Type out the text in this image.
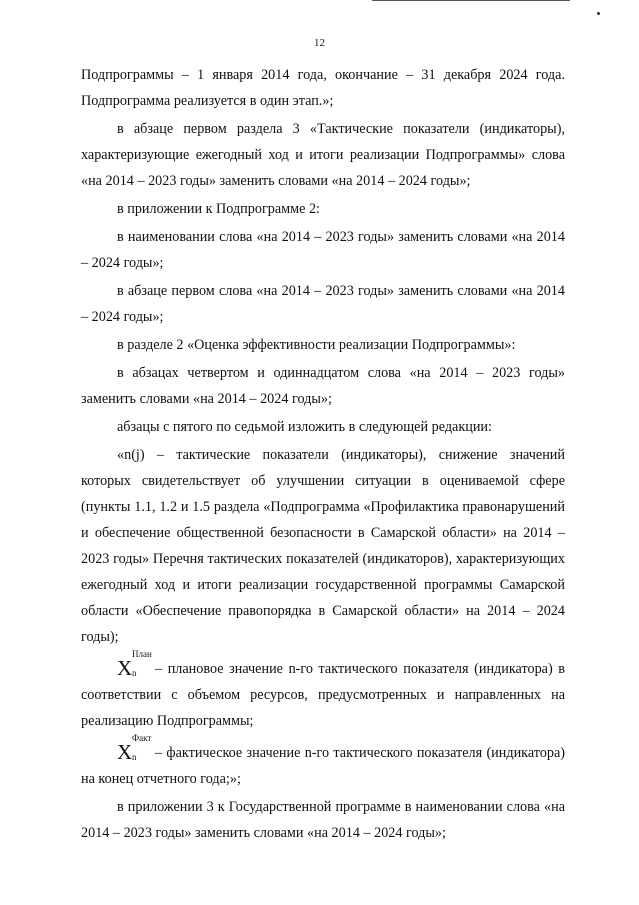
12
Подпрограммы – 1 января 2014 года, окончание – 31 декабря 2024 года. Подпрограмма реализуется в один этап.»;
в абзаце первом раздела 3 «Тактические показатели (индикаторы), характеризующие ежегодный ход и итоги реализации Подпрограммы» слова «на 2014 – 2023 годы» заменить словами «на 2014 – 2024 годы»;
в приложении к Подпрограмме 2:
в наименовании слова «на 2014 – 2023 годы» заменить словами «на 2014 – 2024 годы»;
в абзаце первом слова «на 2014 – 2023 годы» заменить словами «на 2014 – 2024 годы»;
в разделе 2 «Оценка эффективности реализации Подпрограммы»:
в абзацах четвертом и одиннадцатом слова «на 2014 – 2023 годы» заменить словами «на 2014 – 2024 годы»;
абзацы с пятого по седьмой изложить в следующей редакции:
«n(j) – тактические показатели (индикаторы), снижение значений которых свидетельствует об улучшении ситуации в оцениваемой сфере (пункты 1.1, 1.2 и 1.5 раздела «Подпрограмма «Профилактика правонарушений и обеспечение общественной безопасности в Самарской области» на 2014 – 2023 годы» Перечня тактических показателей (индикаторов), характеризующих ежегодный ход и итоги реализации государственной программы Самарской области «Обеспечение правопорядка в Самарской области» на 2014 – 2024 годы);
X
План
n – плановое значение n-го тактического показателя (индикатора) в соответствии с объемом ресурсов, предусмотренных и направленных на реализацию Подпрограммы;
X
Факт
n – фактическое значение n-го тактического показателя (индикатора) на конец отчетного года;»;
в приложении 3 к Государственной программе в наименовании слова «на 2014 – 2023 годы» заменить словами «на 2014 – 2024 годы»;
